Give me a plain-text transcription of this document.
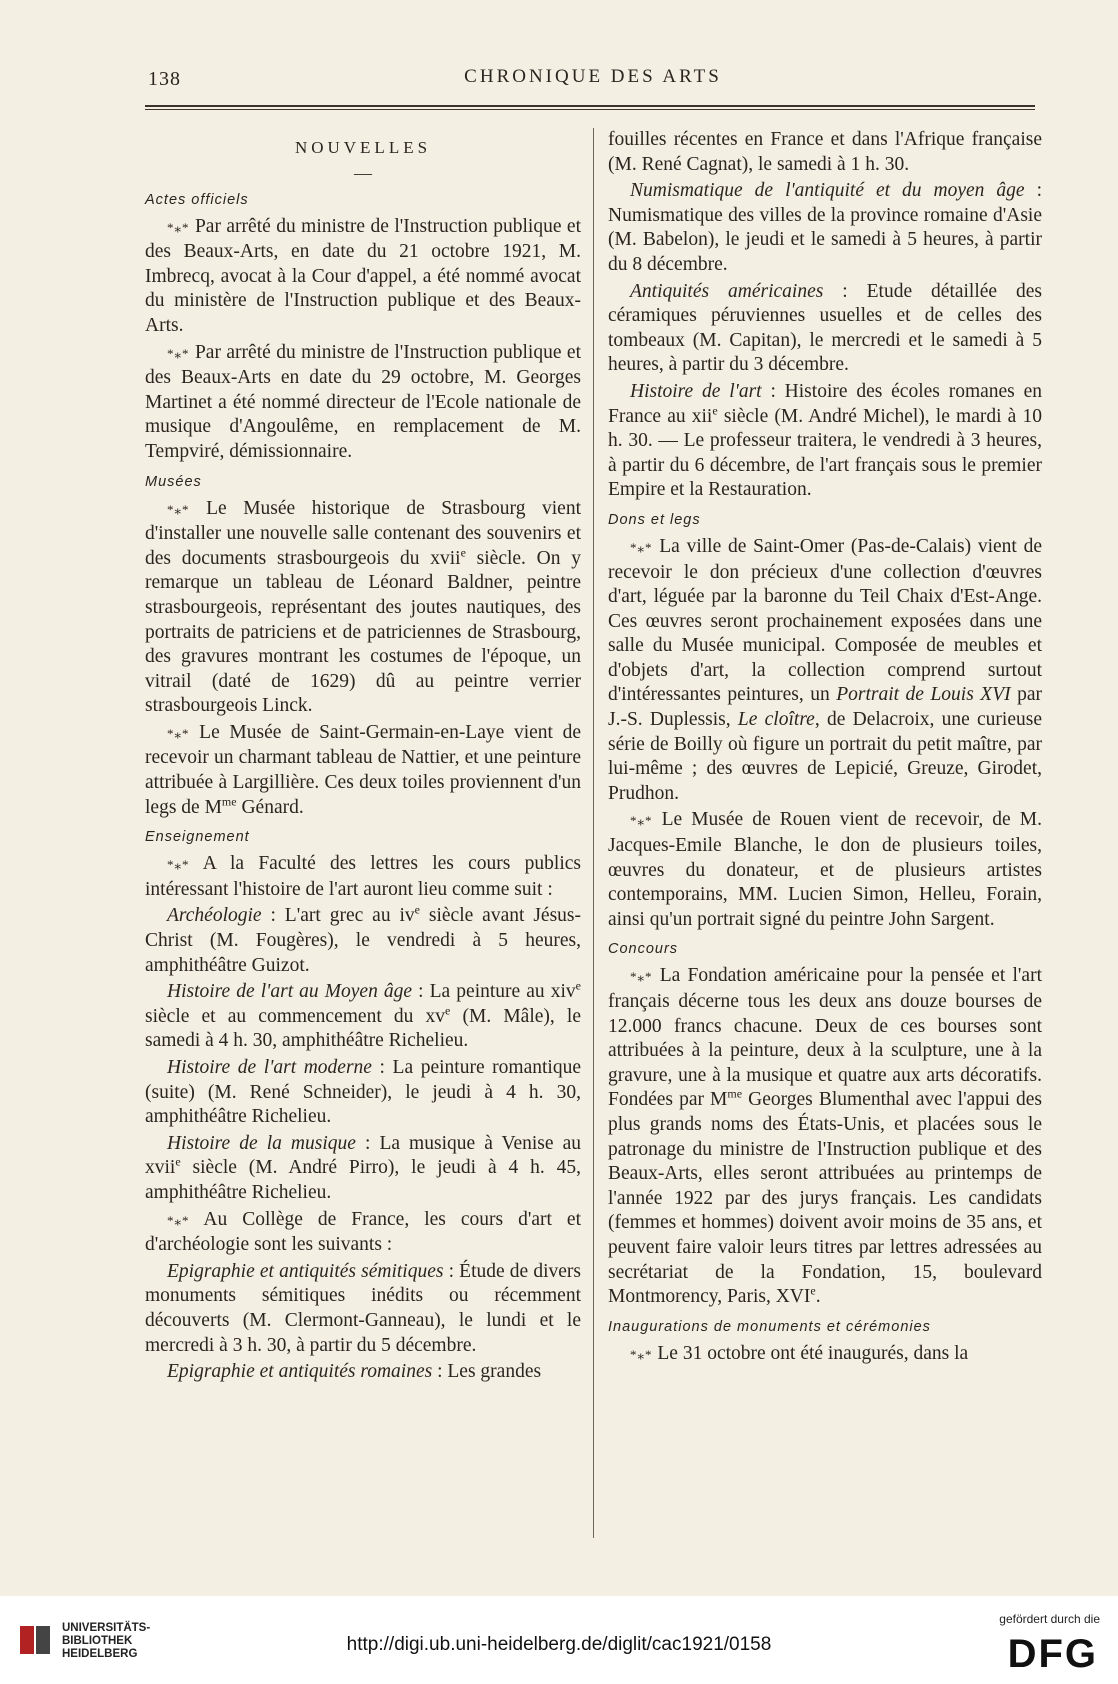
138	CHRONIQUE DES ARTS
NOUVELLES
—
Actes officiels

*⁎* Par arrêté du ministre de l'Instruction publique et des Beaux-Arts, en date du 21 octobre 1921, M. Imbrecq, avocat à la Cour d'appel, a été nommé avocat du ministère de l'Instruction publique et des Beaux-Arts.

*⁎* Par arrêté du ministre de l'Instruction publique et des Beaux-Arts en date du 29 octobre, M. Georges Martinet a été nommé directeur de l'Ecole nationale de musique d'Angoulême, en remplacement de M. Tempviré, démissionnaire.

Musées

*⁎* Le Musée historique de Strasbourg vient d'installer une nouvelle salle contenant des souvenirs et des documents strasbourgeois du xvii$^e$ siècle. On y remarque un tableau de Léonard Baldner, peintre strasbourgeois, représentant des joutes nautiques, des portraits de patriciens et de patriciennes de Strasbourg, des gravures montrant les costumes de l'époque, un vitrail (daté de 1629) dû au peintre verrier strasbourgeois Linck.

*⁎* Le Musée de Saint-Germain-en-Laye vient de recevoir un charmant tableau de Nattier, et une peinture attribuée à Largillière. Ces deux toiles proviennent d'un legs de $M^{me}$ Génard.

Enseignement

*⁎* A la Faculté des lettres les cours publics intéressant l'histoire de l'art auront lieu comme suit :

Archéologie : L'art grec au $iv^e$ siècle avant Jésus-Christ (M. Fougères), le vendredi à 5 heures, amphithéâtre Guizot.

Histoire de l'art au Moyen âge : La peinture au xiv$^e$ siècle et au commencement du $xv^e$ (M. Mâle), le samedi à 4 h. 30, amphithéâtre Richelieu.

Histoire de l'art moderne : La peinture romantique (suite) (M. René Schneider), le jeudi à 4 h. 30, amphithéâtre Richelieu.

Histoire de la musique : La musique à Venise au xvii$^e$ siècle (M. André Pirro), le jeudi à 4 h. 45, amphithéâtre Richelieu.

*⁎* Au Collège de France, les cours d'art et d'archéologie sont les suivants :

Epigraphie et antiquités sémitiques : Étude de divers monuments sémitiques inédits ou récemment découverts (M. Clermont-Ganneau), le lundi et le mercredi à 3 h. 30, à partir du 5 décembre.

Epigraphie et antiquités romaines : Les grandes

fouilles récentes en France et dans l'Afrique française (M. René Cagnat), le samedi à 1 h. 30.

Numismatique de l'antiquité et du moyen âge : Numismatique des villes de la province romaine d'Asie (M. Babelon), le jeudi et le samedi à 5 heures, à partir du 8 décembre.

Antiquités américaines : Etude détaillée des céramiques péruviennes usuelles et de celles des tombeaux (M. Capitan), le mercredi et le samedi à 5 heures, à partir du 3 décembre.

Histoire de l'art : Histoire des écoles romanes en France au xii$^e$ siècle (M. André Michel), le mardi à 10 h. 30. — Le professeur traitera, le vendredi à 3 heures, à partir du 6 décembre, de l'art français sous le premier Empire et la Restauration.

Dons et legs

*⁎* La ville de Saint-Omer (Pas-de-Calais) vient de recevoir le don précieux d'une collection d'œuvres d'art, léguée par la baronne du Teil Chaix d'Est-Ange. Ces œuvres seront prochainement exposées dans une salle du Musée municipal. Composée de meubles et d'objets d'art, la collection comprend surtout d'intéressantes peintures, un Portrait de Louis XVI par J.-S. Duplessis, Le cloître, de Delacroix, une curieuse série de Boilly où figure un portrait du petit maître, par lui-même ; des œuvres de Lepicié, Greuze, Girodet, Prudhon.

*⁎* Le Musée de Rouen vient de recevoir, de M. Jacques-Emile Blanche, le don de plusieurs toiles, œuvres du donateur, et de plusieurs artistes contemporains, MM. Lucien Simon, Helleu, Forain, ainsi qu'un portrait signé du peintre John Sargent.

Concours

*⁎* La Fondation américaine pour la pensée et l'art français décerne tous les deux ans douze bourses de 12.000 francs chacune. Deux de ces bourses sont attribuées à la peinture, deux à la sculpture, une à la gravure, une à la musique et quatre aux arts décoratifs. Fondées par $M^{me}$ Georges Blumenthal avec l'appui des plus grands noms des États-Unis, et placées sous le patronage du ministre de l'Instruction publique et des Beaux-Arts, elles seront attribuées au printemps de l'année 1922 par des jurys français. Les candidats (femmes et hommes) doivent avoir moins de 35 ans, et peuvent faire valoir leurs titres par lettres adressées au secrétariat de la Fondation, 15, boulevard Montmorency, Paris, XVIe.

Inaugurations de monuments et cérémonies

*⁎* Le 31 octobre ont été inaugurés, dans la

UNIVERSITÄTS-
BIBLIOTHEK
HEIDELBERG	http://digi.ub.uni-heidelberg.de/diglit/cac1921/0158
gefördert durch die
DFG
